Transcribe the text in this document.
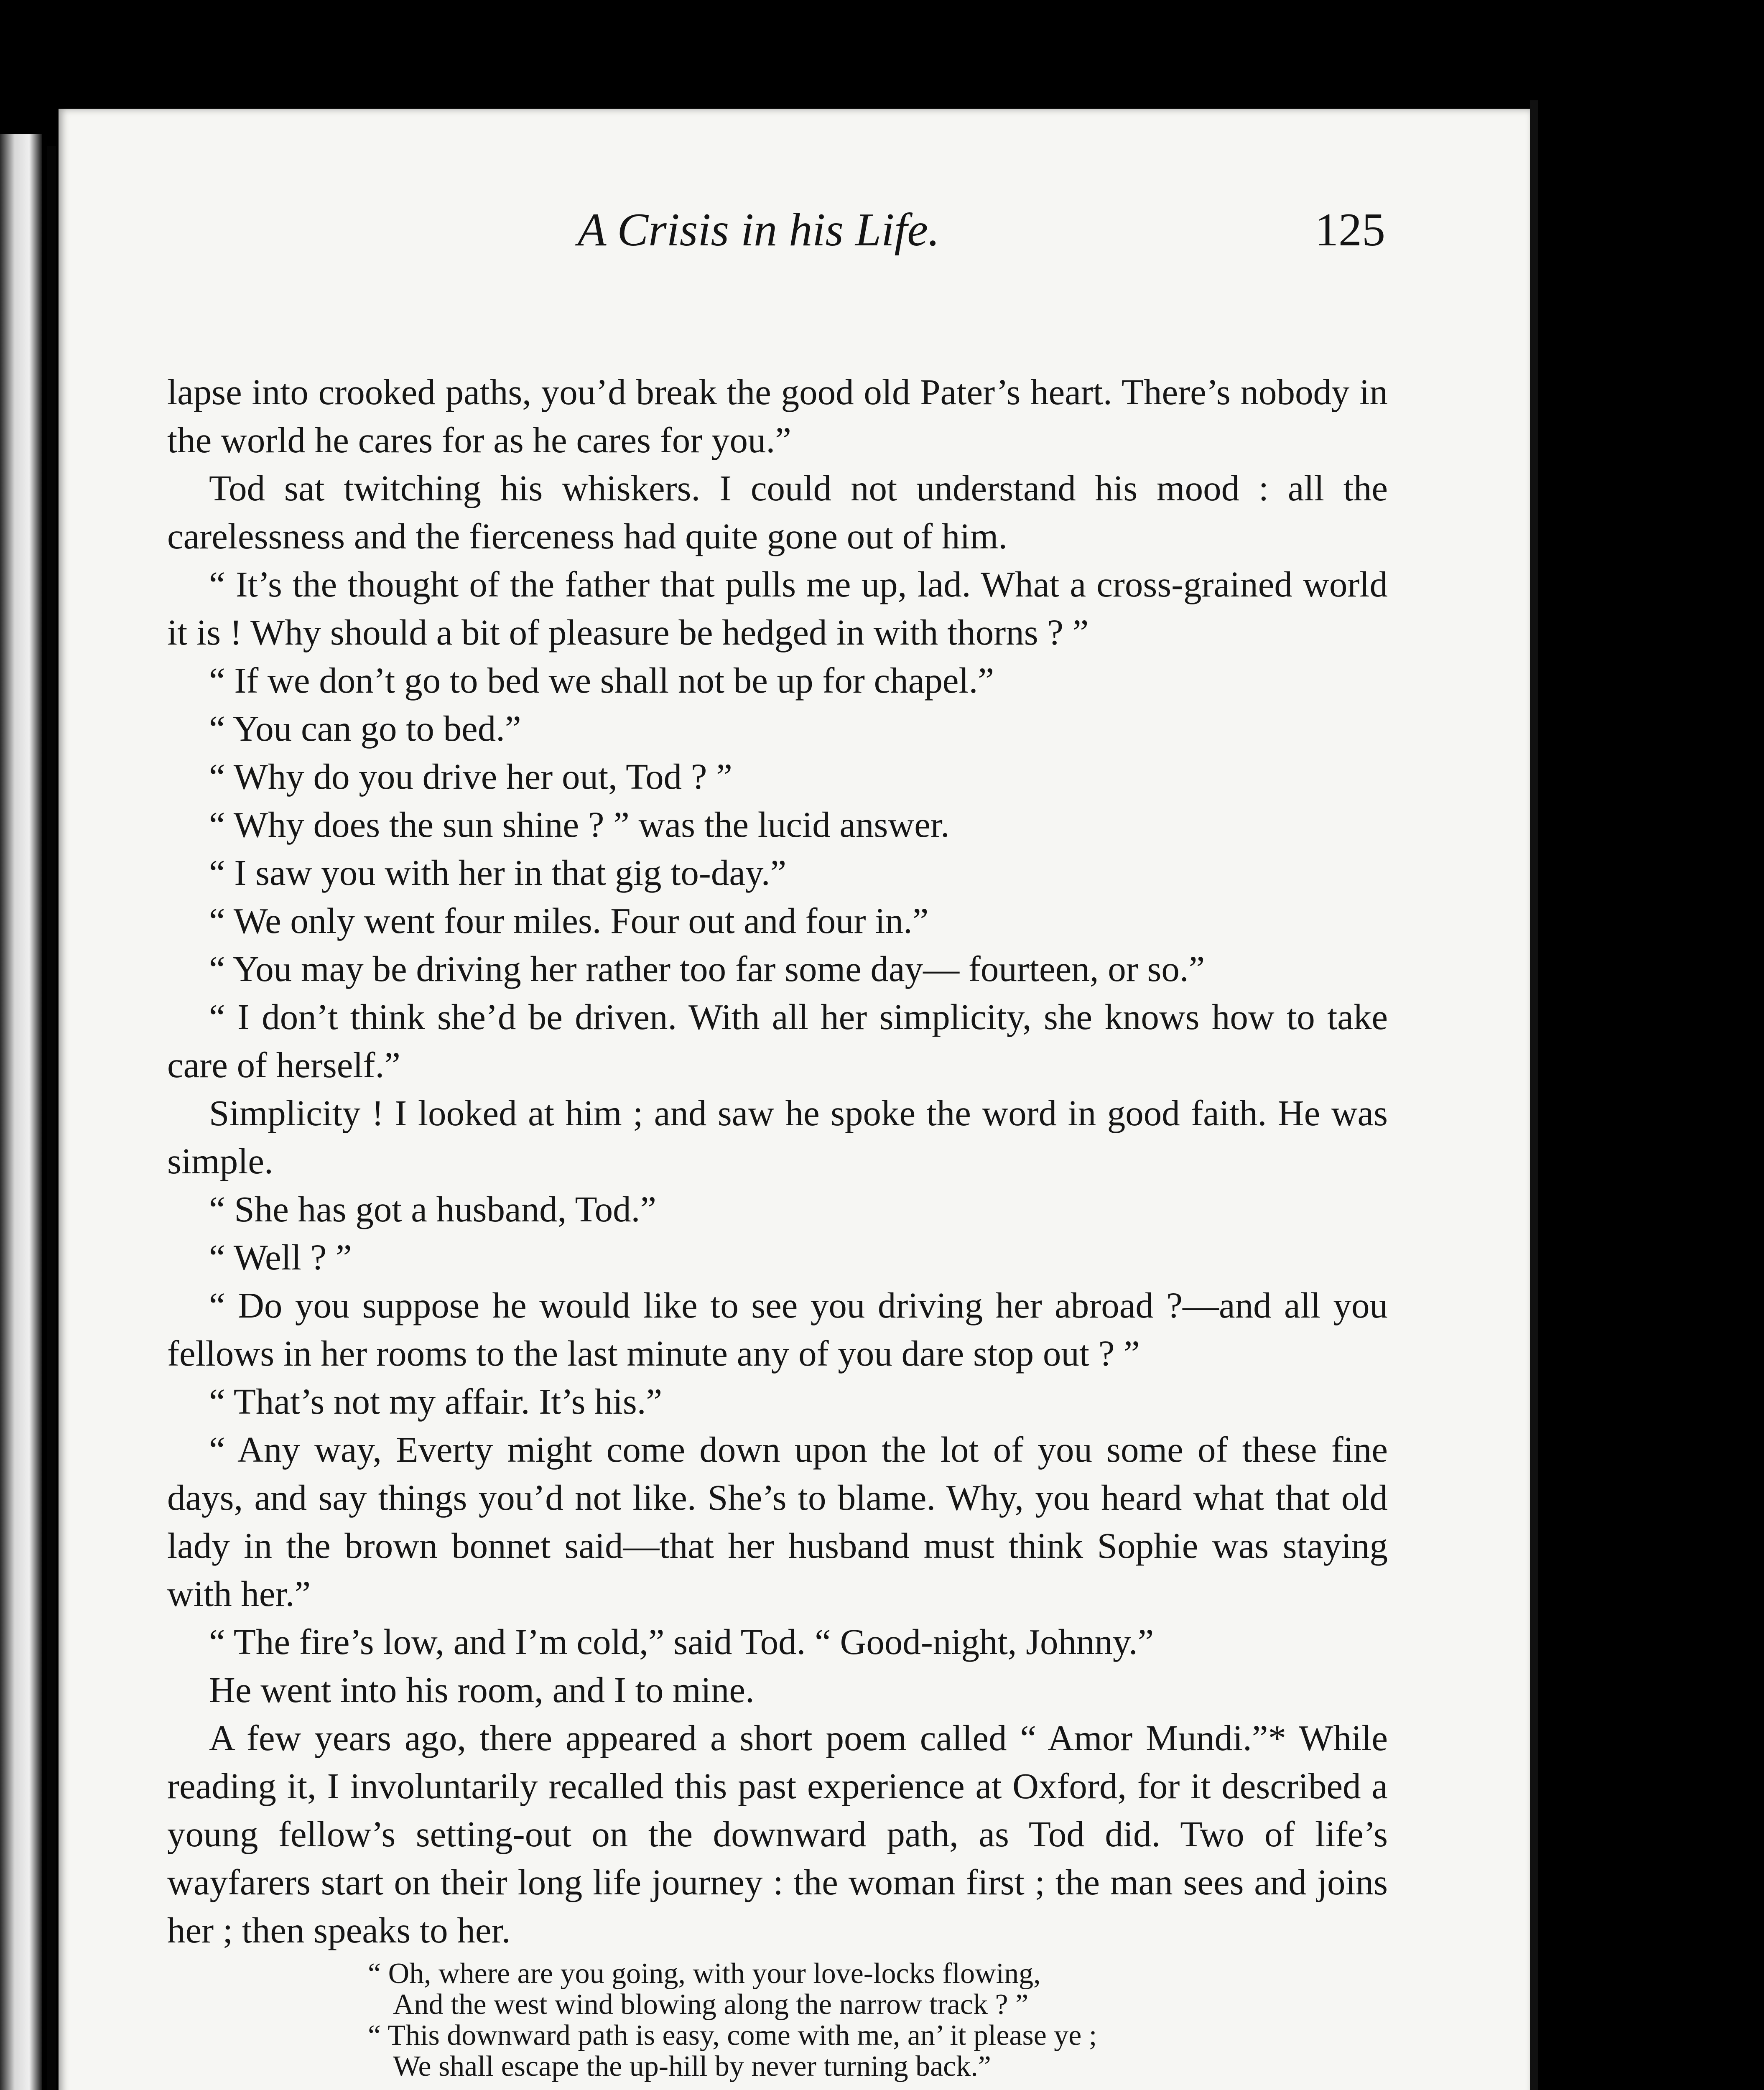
A Crisis in his Life.	125

lapse into crooked paths, you’d break the good old Pater’s heart. There’s nobody in the world he cares for as he cares for you.”

Tod sat twitching his whiskers. I could not understand his mood : all the carelessness and the fierceness had quite gone out of him.

“ It’s the thought of the father that pulls me up, lad. What a cross-grained world it is ! Why should a bit of pleasure be hedged in with thorns ? ”

“ If we don’t go to bed we shall not be up for chapel.”

“ You can go to bed.”

“ Why do you drive her out, Tod ? ”

“ Why does the sun shine ? ” was the lucid answer.

“ I saw you with her in that gig to-day.”

“ We only went four miles. Four out and four in.”

“ You may be driving her rather too far some day— fourteen, or so.”

“ I don’t think she’d be driven. With all her simplicity, she knows how to take care of herself.”

Simplicity ! I looked at him ; and saw he spoke the word in good faith. He was simple.

“ She has got a husband, Tod.”

“ Well ? ”

“ Do you suppose he would like to see you driving her abroad ?—and all you fellows in her rooms to the last minute any of you dare stop out ? ”

“ That’s not my affair. It’s his.”

“ Any way, Everty might come down upon the lot of you some of these fine days, and say things you’d not like. She’s to blame. Why, you heard what that old lady in the brown bonnet said—that her husband must think Sophie was staying with her.”

“ The fire’s low, and I’m cold,” said Tod. “ Good-night, Johnny.”

He went into his room, and I to mine.

A few years ago, there appeared a short poem called “ Amor Mundi.”* While reading it, I involuntarily recalled this past experience at Oxford, for it described a young fellow’s setting-out on the downward path, as Tod did. Two of life’s wayfarers start on their long life journey : the woman first ; the man sees and joins her ; then speaks to her.

“ Oh, where are you going, with your love-locks flowing,
And the west wind blowing along the narrow track ? ”
“ This downward path is easy, come with me, an’ it please ye ;
We shall escape the up-hill by never turning back.”
